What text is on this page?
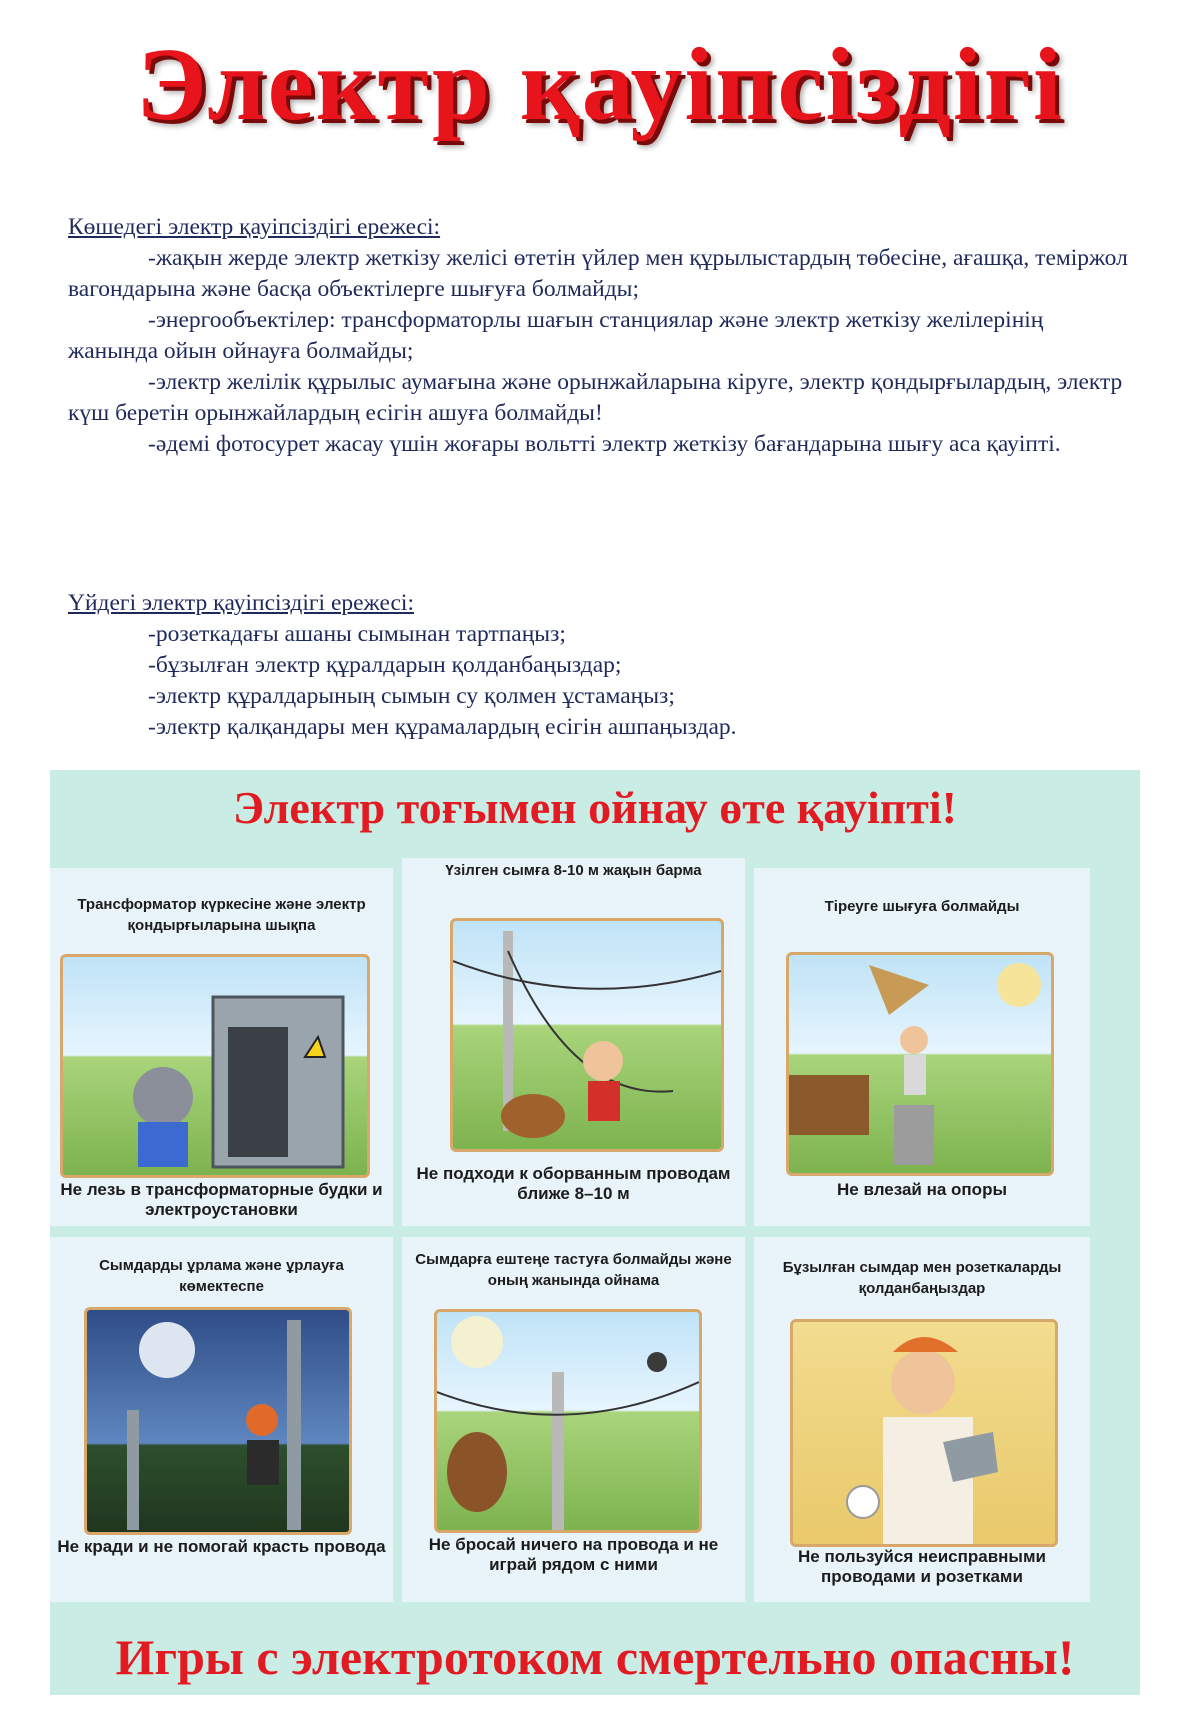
Электр қауіпсіздігі

Көшедегі электр қауіпсіздігі ережесі:

-жақын жерде электр жеткізу желісі өтетін үйлер мен құрылыстардың төбесіне, ағашқа, теміржол вагондарына және басқа объектілерге шығуға болмайды;

-энергообъектілер: трансформаторлы шағын станциялар және электр жеткізу желілерінің жанында ойын ойнауға болмайды;

-электр желілік құрылыс аумағына және орынжайларына кіруге, электр қондырғылардың, электр күш беретін орынжайлардың есігін ашуға болмайды!

-әдемі фотосурет жасау үшін жоғары вольтті электр жеткізу бағандарына шығу аса қауіпті.

Үйдегі электр қауіпсіздігі ережесі:

-розеткадағы ашаны сымынан тартпаңыз;

-бұзылған электр құралдарын қолданбаңыздар;

-электр құралдарының сымын су қолмен ұстамаңыз;

-электр қалқандары мен құрамалардың есігін ашпаңыздар.

Электр тоғымен ойнау өте қауіпті!
Трансформатор күркесіне және электр қондырғыларына шықпа
Не лезь в трансформаторные будки и электроустановки
Үзілген сымға 8-10 м жақын барма
Не подходи к оборванным проводам ближе 8–10 м
Тіреуге шығуға болмайды
Не влезай на опоры
Сымдарды ұрлама және ұрлауға көмектеспе
Не кради и не помогай красть провода
Сымдарға ештеңе тастуға болмайды және оның жанында ойнама
Не бросай ничего на провода и не играй рядом с ними
Бұзылған сымдар мен розеткаларды қолданбаңыздар
Не пользуйся неисправными проводами и розетками
Игры с электротоком смертельно опасны!
